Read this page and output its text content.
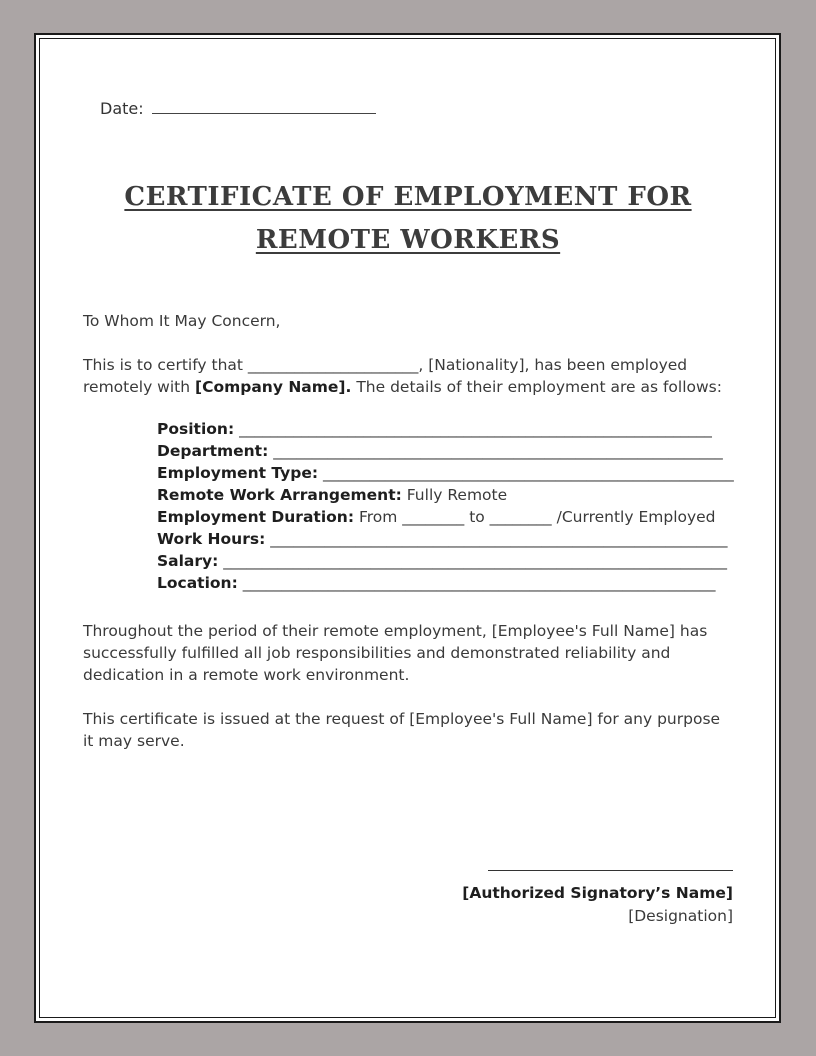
Date:
CERTIFICATE OF EMPLOYMENT FOR
REMOTE WORKERS
To Whom It May Concern,
This is to certify that ______________________, [Nationality], has been employed remotely with [Company Name]. The details of their employment are as follows:
Position: _____________________________________________________________
Department: __________________________________________________________
Employment Type: _____________________________________________________
Remote Work Arrangement: Fully Remote
Employment Duration: From ________ to ________ /Currently Employed
Work Hours: ___________________________________________________________
Salary: _________________________________________________________________
Location: _____________________________________________________________
Throughout the period of their remote employment, [Employee's Full Name] has successfully fulfilled all job responsibilities and demonstrated reliability and dedication in a remote work environment.
This certificate is issued at the request of [Employee's Full Name] for any purpose it may serve.
[Authorized Signatory’s Name]
[Designation]
